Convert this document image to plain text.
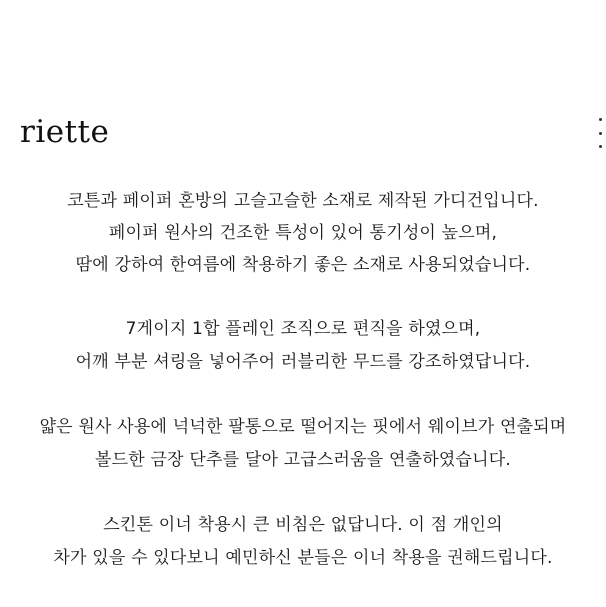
riette
코튼과 페이퍼 혼방의 고슬고슬한 소재로 제작된 가디건입니다.
페이퍼 원사의 건조한 특성이 있어 통기성이 높으며,
땀에 강하여 한여름에 착용하기 좋은 소재로 사용되었습니다.
7게이지 1합 플레인 조직으로 편직을 하였으며,
어깨 부분 셔링을 넣어주어 러블리한 무드를 강조하였답니다.
얇은 원사 사용에 넉넉한 팔통으로 떨어지는 핏에서 웨이브가 연출되며
볼드한 금장 단추를 달아 고급스러움을 연출하였습니다.
스킨톤 이너 착용시 큰 비침은 없답니다. 이 점 개인의
차가 있을 수 있다보니 예민하신 분들은 이너 착용을 권해드립니다.
